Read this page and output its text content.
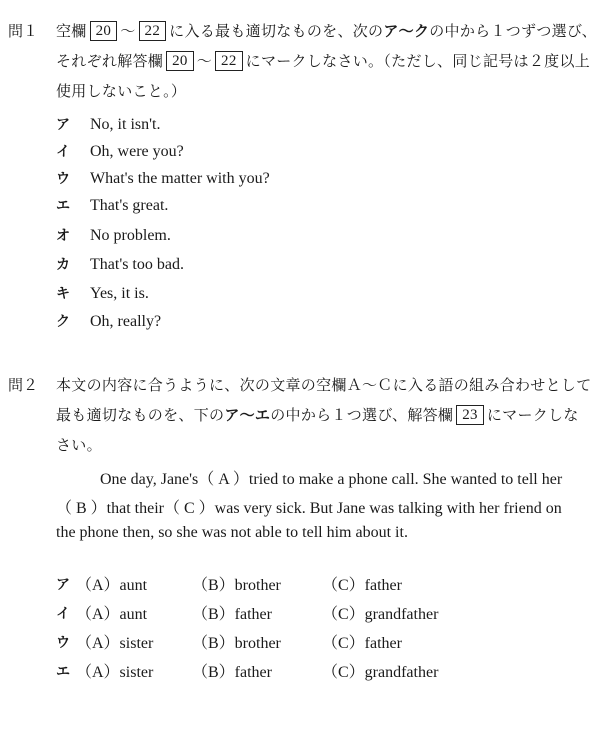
問１ 空欄 20 ～ 22 に入る最も適切なものを、次のア～クの中から１つずつ選び、
それぞれ解答欄 20 ～ 22 にマークしなさい。（ただし、同じ記号は２度以上
使用しないこと。）
ア No, it isn't.
イ Oh, were you?
ウ What's the matter with you?
エ That's great.
オ No problem.
カ That's too bad.
キ Yes, it is.
ク Oh, really?
問２ 本文の内容に合うように、次の文章の空欄Ａ～Ｃに入る語の組み合わせとして
最も適切なものを、下のア～エの中から１つ選び、解答欄 23 にマークしな
さい。
One day, Jane's（ A ）tried to make a phone call. She wanted to tell her
（ B ）that their（ C ）was very sick. But Jane was talking with her friend on
the phone then, so she was not able to tell him about it.
ア （A）aunt	（B）brother	（C）father
イ （A）aunt	（B）father	（C）grandfather
ウ （A）sister （B）brother	（C）father
エ （A）sister （B）father	（C）grandfather
